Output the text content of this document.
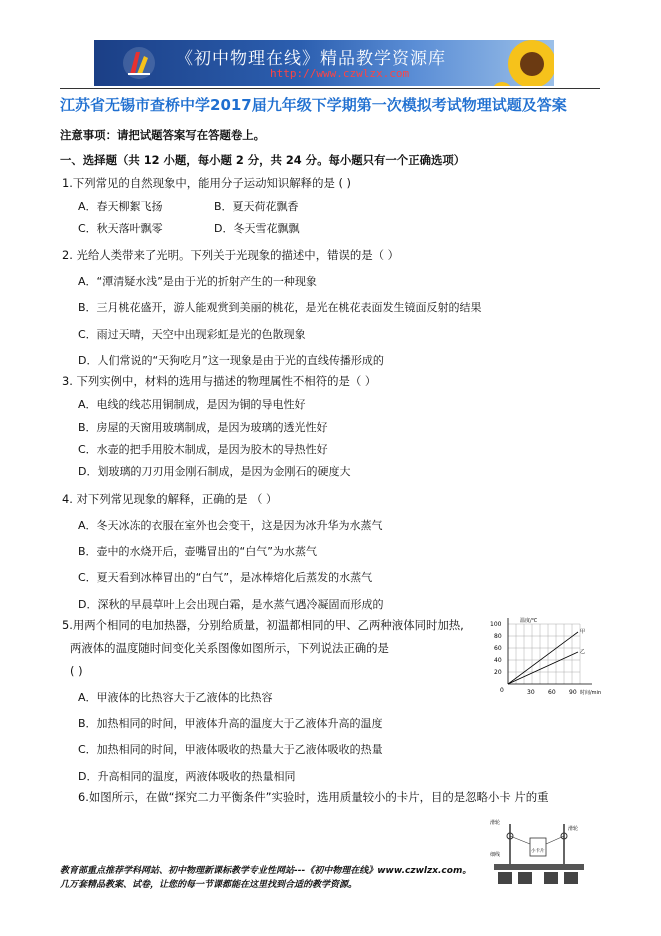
《初中物理在线》精品教学资源库
http://www.czwlzx.com
江苏省无锡市查桥中学2017届九年级下学期第一次模拟考试物理试题及答案
注意事项：请把试题答案写在答题卷上。
一、选择题（共 12 小题，每小题 2 分，共 24 分。每小题只有一个正确选项）
1.下列常见的自然现象中，能用分子运动知识解释的是 ( )
A．春天柳絮飞扬	B．夏天荷花飘香
C．秋天落叶飘零	D．冬天雪花飘飘
2. 光给人类带来了光明。下列关于光现象的描述中，错误的是（ ）
A．“潭清疑水浅”是由于光的折射产生的一种现象
B．三月桃花盛开，游人能观赏到美丽的桃花，是光在桃花表面发生镜面反射的结果
C．雨过天晴，天空中出现彩虹是光的色散现象
D．人们常说的“天狗吃月”这一现象是由于光的直线传播形成的
3. 下列实例中，材料的选用与描述的物理属性不相符的是（ ）
A．电线的线芯用铜制成，是因为铜的导电性好
B．房屋的天窗用玻璃制成，是因为玻璃的透光性好
C．水壶的把手用胶木制成，是因为胶木的导热性好
D．划玻璃的刀刃用金刚石制成，是因为金刚石的硬度大
4. 对下列常见现象的解释，正确的是 （ ）
A．冬天冰冻的衣服在室外也会变干，这是因为冰升华为水蒸气
B．壶中的水烧开后，壶嘴冒出的“白气”为水蒸气
C．夏天看到冰棒冒出的“白气”，是冰棒熔化后蒸发的水蒸气
D．深秋的早晨草叶上会出现白霜，是水蒸气遇冷凝固而形成的
5.用两个相同的电加热器，分别给质量，初温都相同的甲、乙两种液体同时加热,
两液体的温度随时间变化关系图像如图所示，下列说法正确的是
( )
A．甲液体的比热容大于乙液体的比热容
B．加热相同的时间，甲液体升高的温度大于乙液体升高的温度
C．加热相同的时间，甲液体吸收的热量大于乙液体吸收的热量
D．升高相同的温度，两液体吸收的热量相同
温度/℃
时间/min
100
80
60
40
20
0	30 60 90
甲
乙
6.如图所示，在做“探究二力平衡条件”实验时，选用质量较小的卡片，目的是忽略小卡 片的重
滑轮
滑轮
细线
小卡片
教育部重点推荐学科网站、初中物理新课标教学专业性网站---《初中物理在线》www.czwlzx.com。
几万套精品教案、试卷，让您的每一节课都能在这里找到合适的教学资源。
